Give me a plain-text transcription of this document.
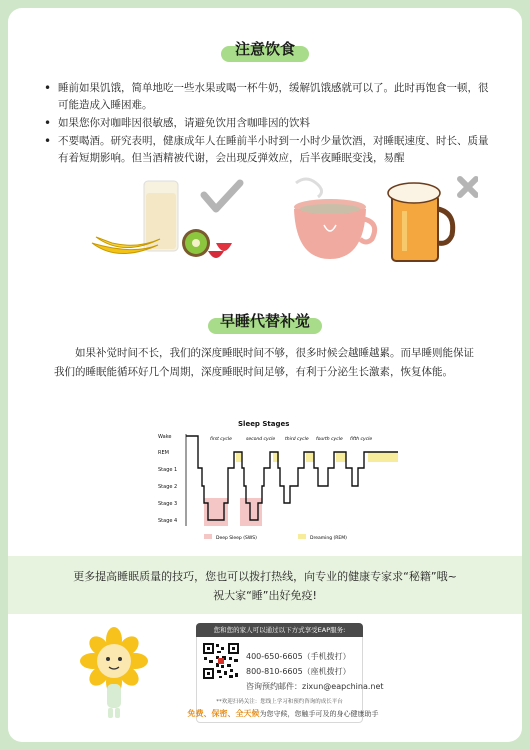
注意饮食
• 睡前如果饥饿，简单地吃一些水果或喝一杯牛奶，缓解饥饿感就可以了。此时再饱食一顿，很可能造成入睡困难。
• 如果您你对咖啡因很敏感，请避免饮用含咖啡因的饮料
• 不要喝酒。研究表明，健康成年人在睡前半小时到一小时少量饮酒，对睡眠速度、时长、质量有着短期影响。但当酒精被代谢，会出现反弹效应，后半夜睡眠变浅，易醒
早睡代替补觉

如果补觉时间不长，我们的深度睡眠时间不够，很多时候会越睡越累。而早睡则能保证我们的睡眠能循环好几个周期，深度睡眠时间足够，有利于分泌生长激素，恢复体能。

Sleep Stages
Wake
REM
Stage 1
Stage 2
Stage 3
Stage 4
first cycle	second cycle third cycle fourth cycle fifth cycle
Deep Sleep (SWS)	Dreaming (REM)
更多提高睡眠质量的技巧，您也可以拨打热线，向专业的健康专家求“秘籍”哦~
祝大家“睡”出好免疫!
您和您的家人可以通过以下方式享受EAP服务:
400-650-6605（手机拨打）
800-810-6605（座机拨打）
咨询预约邮件：zixun@eapchina.net
**欢迎扫码关注：您线上学习和预约咨询的成长平台
免费、保密、全天候为您守候，您触手可及的身心健康助手
